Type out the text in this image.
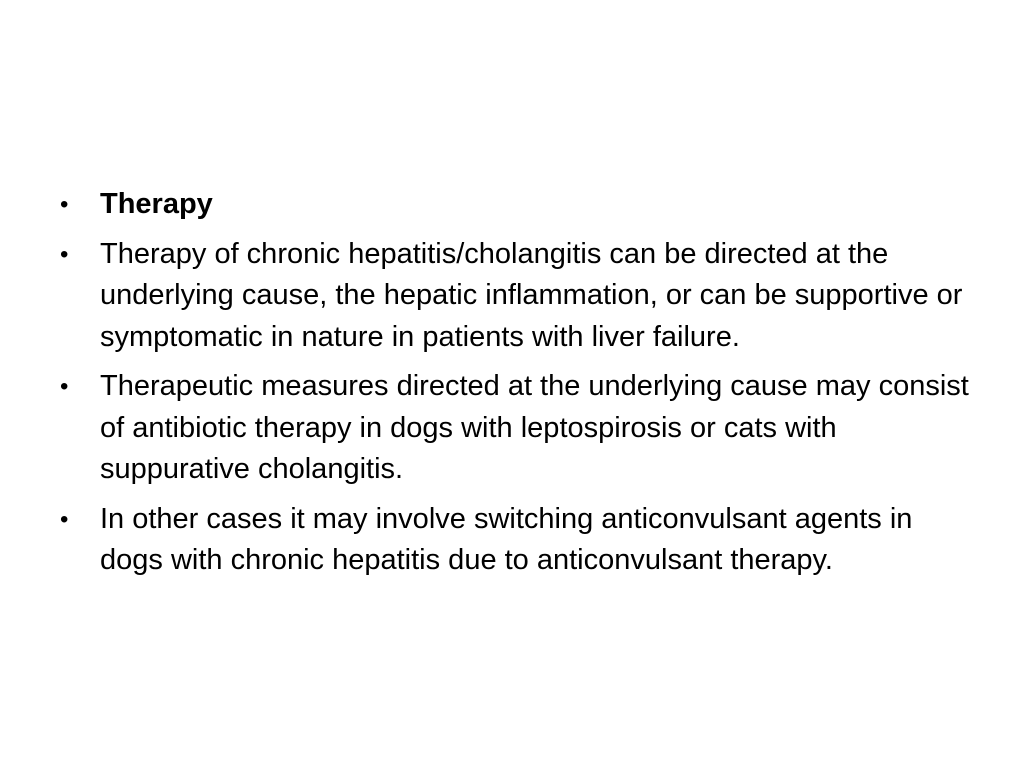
•	Therapy
•	Therapy of chronic hepatitis/cholangitis can be directed at the underlying cause, the hepatic inflammation, or can be supportive or symptomatic in nature in patients with liver failure.
•	Therapeutic measures directed at the underlying cause may consist of antibiotic therapy in dogs with leptospirosis or cats with suppurative cholangitis.
•	In other cases it may involve switching anticonvulsant agents in dogs with chronic hepatitis due to anticonvulsant therapy.
